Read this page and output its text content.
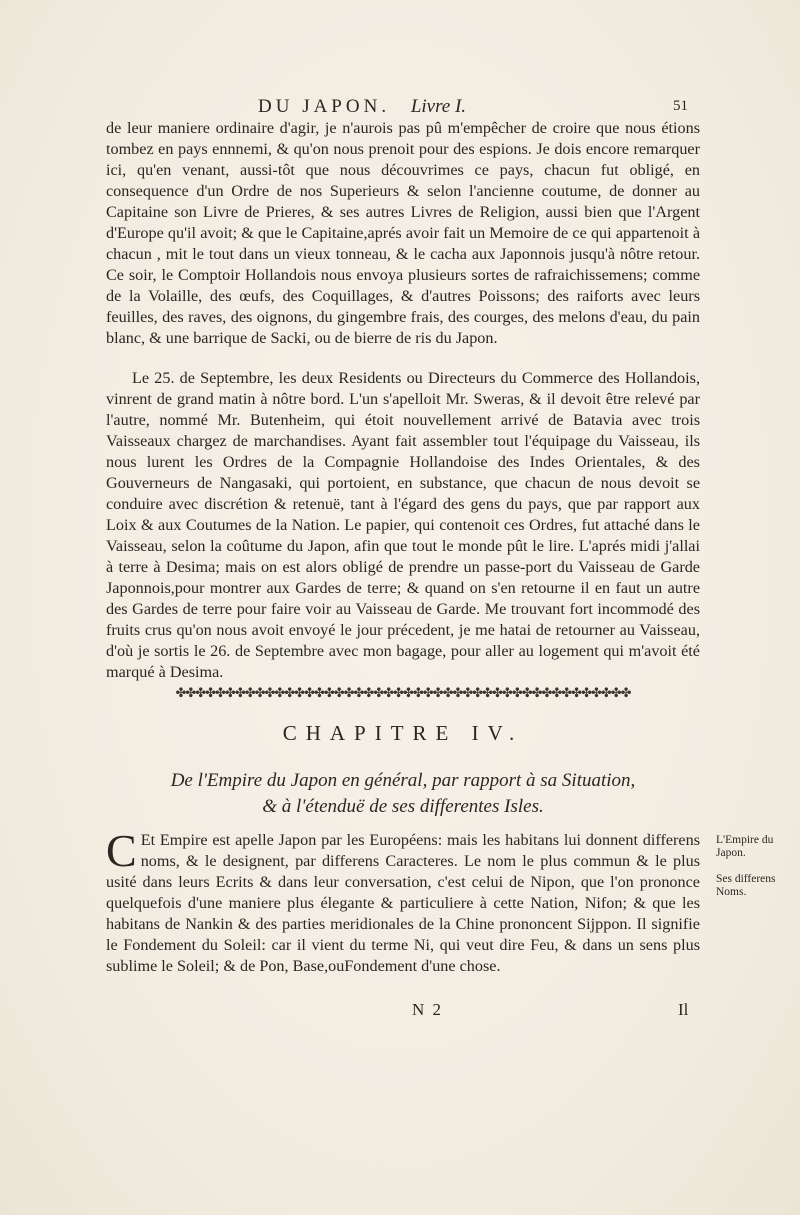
DU JAPON. Livre I.	51

de leur maniere ordinaire d'agir, je n'aurois pas pû m'empêcher de croire que nous étions tombez en pays ennnemi, & qu'on nous prenoit pour des espions. Je dois encore remarquer ici, qu'en venant, aussi-tôt que nous découvrimes ce pays, chacun fut obligé, en consequence d'un Ordre de nos Superieurs & selon l'ancienne coutume, de donner au Capitaine son Livre de Prieres, & ses autres Livres de Religion, aussi bien que l'Argent d'Europe qu'il avoit; & que le Capitaine,aprés avoir fait un Memoire de ce qui appartenoit à chacun , mit le tout dans un vieux tonneau, & le cacha aux Japonnois jusqu'à nôtre retour. Ce soir, le Comptoir Hollandois nous envoya plusieurs sortes de rafraichissemens; comme de la Volaille, des œufs, des Coquillages, & d'autres Poissons; des raiforts avec leurs feuilles, des raves, des oignons, du gingembre frais, des courges, des melons d'eau, du pain blanc, & une barrique de Sacki, ou de bierre de ris du Japon.

Le 25. de Septembre, les deux Residents ou Directeurs du Commerce des Hollandois, vinrent de grand matin à nôtre bord. L'un s'apelloit Mr. Sweras, & il devoit être relevé par l'autre, nommé Mr. Butenheim, qui étoit nouvellement arrivé de Batavia avec trois Vaisseaux chargez de marchandises. Ayant fait assembler tout l'équipage du Vaisseau, ils nous lurent les Ordres de la Compagnie Hollandoise des Indes Orientales, & des Gouverneurs de Nangasaki, qui portoient, en substance, que chacun de nous devoit se conduire avec discrétion & retenuë, tant à l'égard des gens du pays, que par rapport aux Loix & aux Coutumes de la Nation. Le papier, qui contenoit ces Ordres, fut attaché dans le Vaisseau, selon la coûtume du Japon, afin que tout le monde pût le lire. L'aprés midi j'allai à terre à Desima; mais on est alors obligé de prendre un passe-port du Vaisseau de Garde Japonnois,pour montrer aux Gardes de terre; & quand on s'en retourne il en faut un autre des Gardes de terre pour faire voir au Vaisseau de Garde. Me trouvant fort incommodé des fruits crus qu'on nous avoit envoyé le jour précedent, je me hatai de retourner au Vaisseau, d'où je sortis le 26. de Septembre avec mon bagage, pour aller au logement qui m'avoit été marqué à Desima.

✤✤✤✤✤✤✤✤✤✤✤✤✤✤✤✤✤✤✤✤✤✤✤✤✤✤✤✤✤✤✤✤✤✤✤✤✤✤✤✤✤✤✤✤✤✤
CHAPITRE IV.
De l'Empire du Japon en général, par rapport à sa Situation,
& à l'étenduë de ses differentes Isles.

C Et Empire est apelle Japon par les Européens: mais les habitans lui donnent differens noms, & le designent, par differens Caracteres. Le nom le plus commun & le plus usité dans leurs Ecrits & dans leur conversation, c'est celui de Nipon, que l'on prononce quelquefois d'une maniere plus élegante & particuliere à cette Nation, Nifon; & que les habitans de Nankin & des parties meridionales de la Chine prononcent Sijppon. Il signifie le Fondement du Soleil: car il vient du terme Ni, qui veut dire Feu, & dans un sens plus sublime le Soleil; & de Pon, Base,ouFondement d'une chose.

L'Empire du Japon.
Ses differens Noms.
N 2	Il
